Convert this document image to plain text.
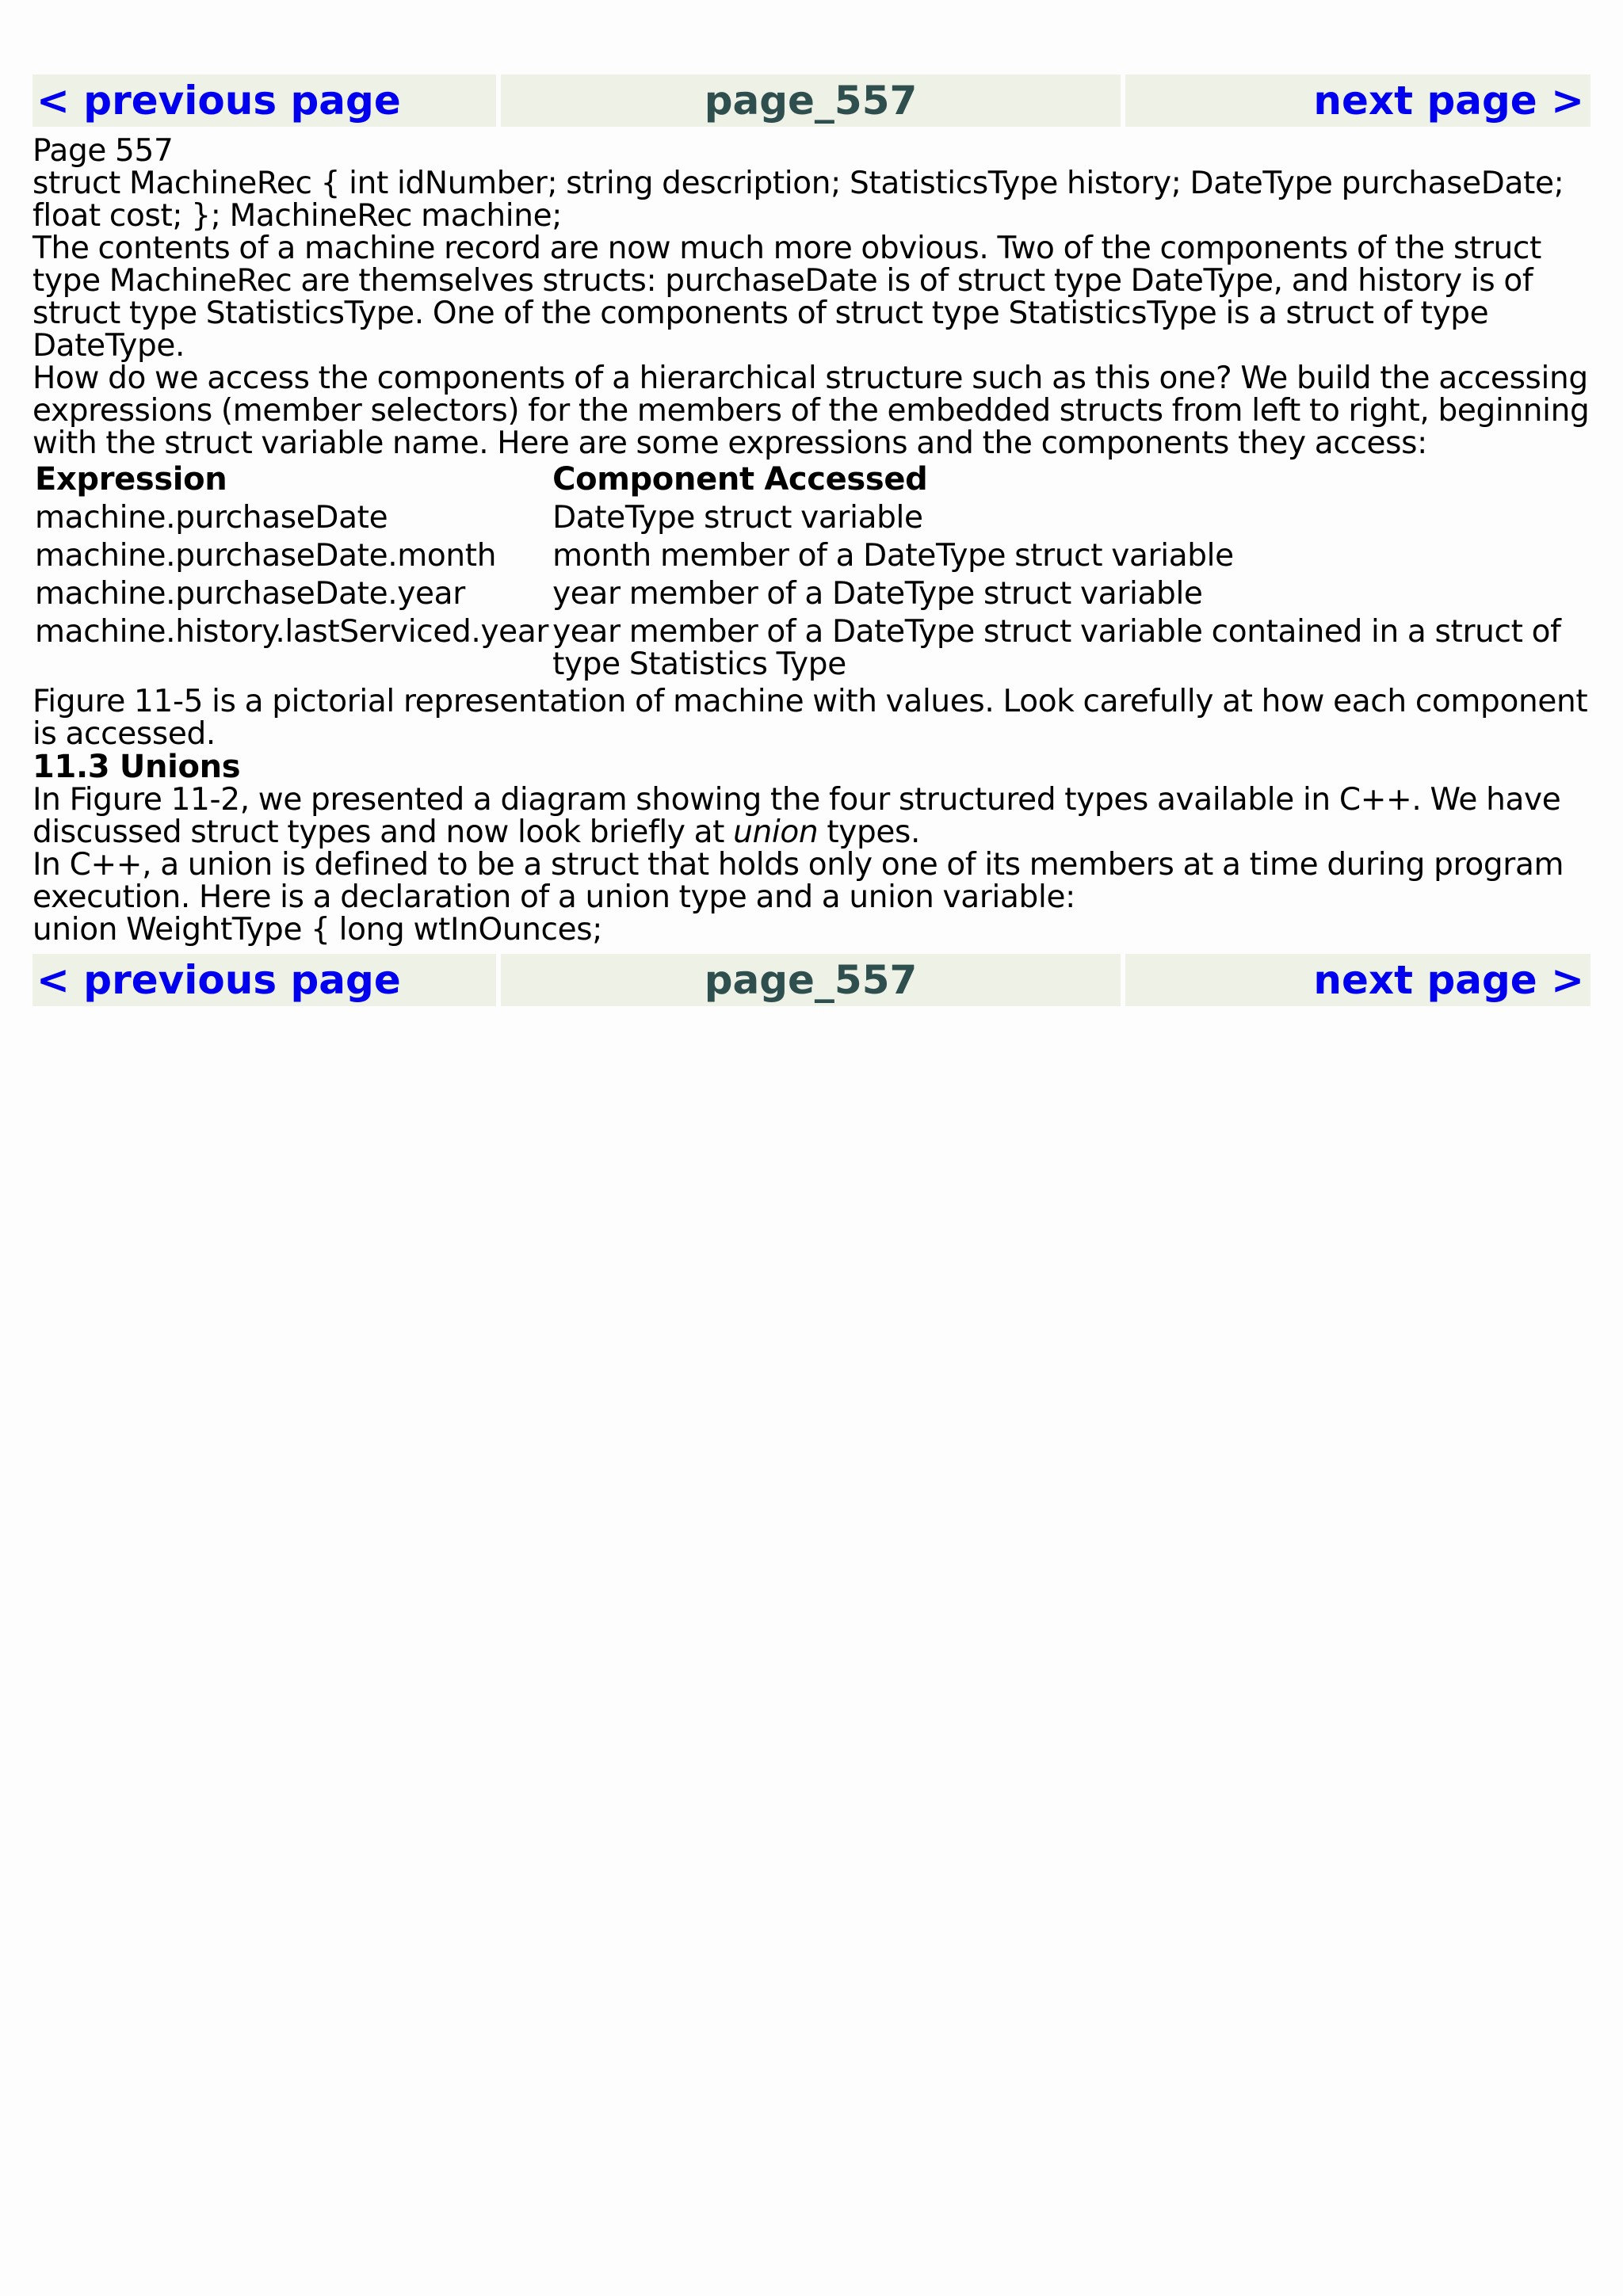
< previous page	page_557	next page >

Page 557

struct MachineRec { int idNumber; string description; StatisticsType history; DateType purchaseDate; float cost; }; MachineRec machine;

The contents of a machine record are now much more obvious. Two of the components of the struct type MachineRec are themselves structs: purchaseDate is of struct type DateType, and history is of struct type StatisticsType. One of the components of struct type StatisticsType is a struct of type DateType.

How do we access the components of a hierarchical structure such as this one? We build the accessing expressions (member selectors) for the members of the embedded structs from left to right, beginning with the struct variable name. Here are some expressions and the components they access:

Expression	Component Accessed
machine.purchaseDate	DateType struct variable
machine.purchaseDate.month	month member of a DateType struct variable
machine.purchaseDate.year	year member of a DateType struct variable
machine.history.lastServiced.year	year member of a DateType struct variable contained in a struct of type Statistics Type

Figure 11-5 is a pictorial representation of machine with values. Look carefully at how each component is accessed.

11.3 Unions

In Figure 11-2, we presented a diagram showing the four structured types available in C++. We have discussed struct types and now look briefly at union types.

In C++, a union is defined to be a struct that holds only one of its members at a time during program execution. Here is a declaration of a union type and a union variable:

union WeightType { long wtInOunces;

< previous page	page_557	next page >
